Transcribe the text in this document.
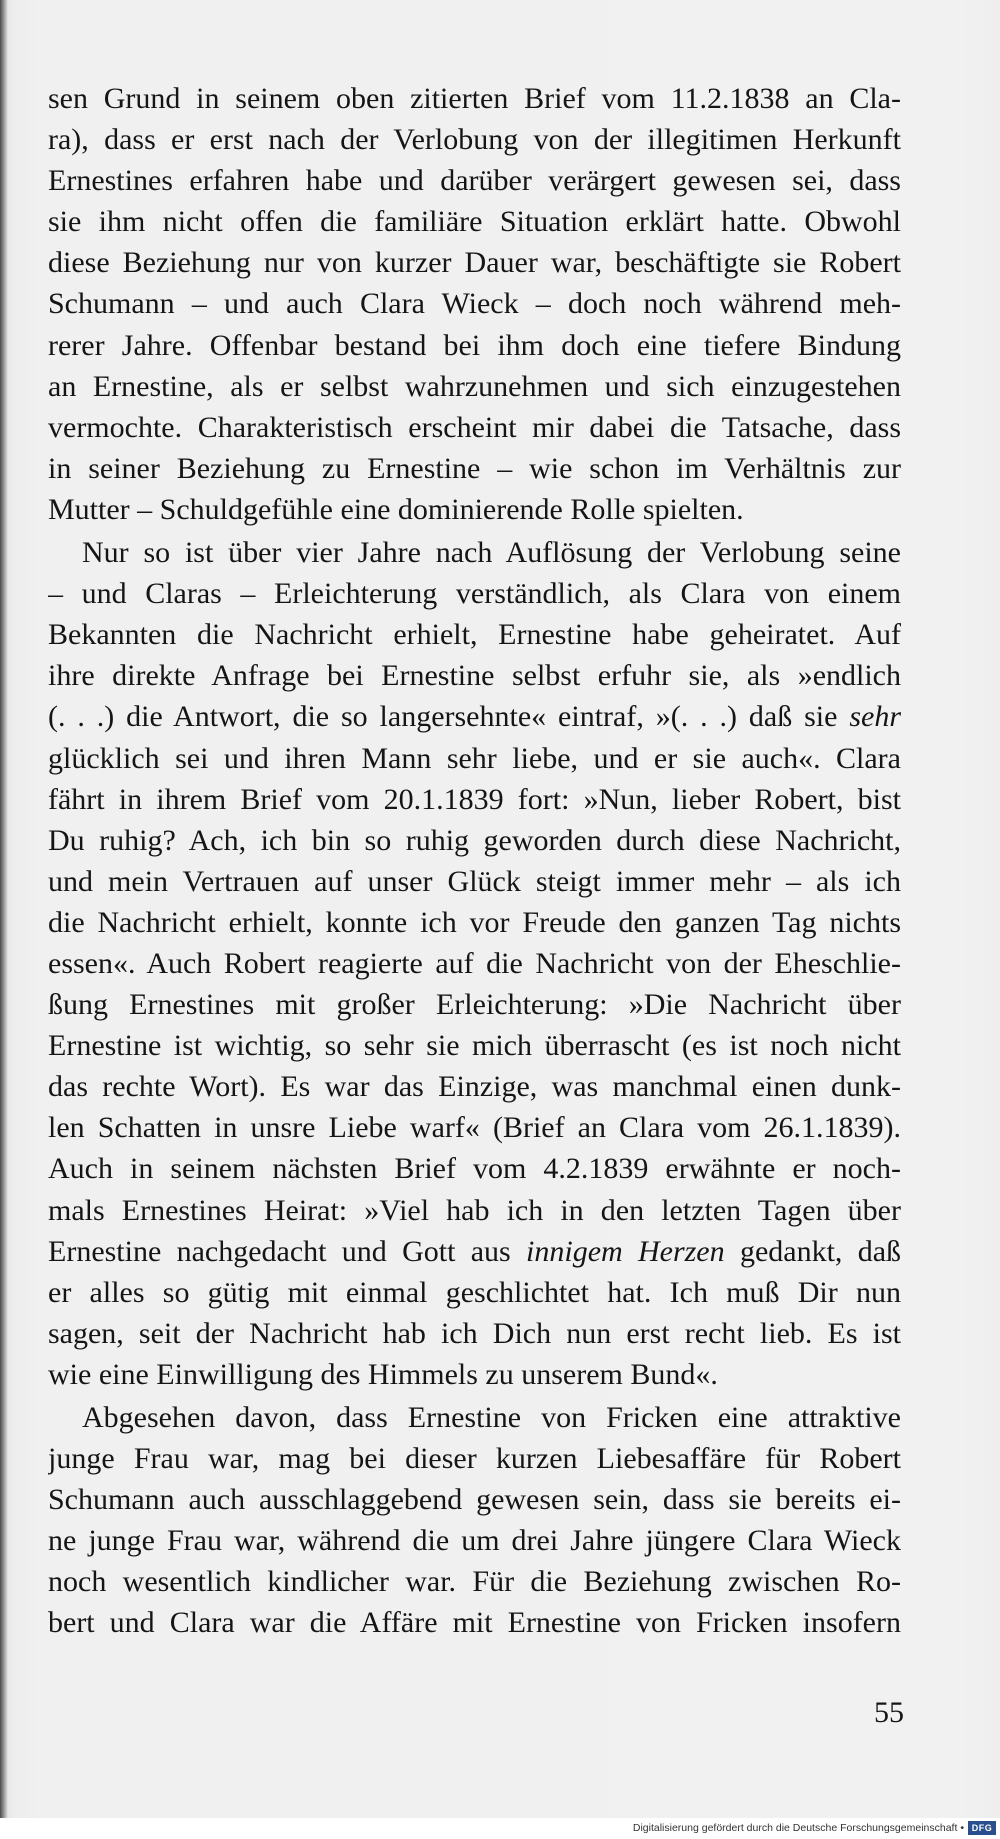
sen Grund in seinem oben zitierten Brief vom 11.2.1838 an Cla-
ra), dass er erst nach der Verlobung von der illegitimen Herkunft
Ernestines erfahren habe und darüber verärgert gewesen sei, dass
sie ihm nicht offen die familiäre Situation erklärt hatte. Obwohl
diese Beziehung nur von kurzer Dauer war, beschäftigte sie Robert
Schumann – und auch Clara Wieck – doch noch während meh-
rerer Jahre. Offenbar bestand bei ihm doch eine tiefere Bindung
an Ernestine, als er selbst wahrzunehmen und sich einzugestehen
vermochte. Charakteristisch erscheint mir dabei die Tatsache, dass
in seiner Beziehung zu Ernestine – wie schon im Verhältnis zur
Mutter – Schuldgefühle eine dominierende Rolle spielten.
Nur so ist über vier Jahre nach Auflösung der Verlobung seine
– und Claras – Erleichterung verständlich, als Clara von einem
Bekannten die Nachricht erhielt, Ernestine habe geheiratet. Auf
ihre direkte Anfrage bei Ernestine selbst erfuhr sie, als »endlich
(. . .) die Antwort, die so langersehnte« eintraf, »(. . .) daß sie sehr
glücklich sei und ihren Mann sehr liebe, und er sie auch«. Clara
fährt in ihrem Brief vom 20.1.1839 fort: »Nun, lieber Robert, bist
Du ruhig? Ach, ich bin so ruhig geworden durch diese Nachricht,
und mein Vertrauen auf unser Glück steigt immer mehr – als ich
die Nachricht erhielt, konnte ich vor Freude den ganzen Tag nichts
essen«. Auch Robert reagierte auf die Nachricht von der Eheschlie-
ßung Ernestines mit großer Erleichterung: »Die Nachricht über
Ernestine ist wichtig, so sehr sie mich überrascht (es ist noch nicht
das rechte Wort). Es war das Einzige, was manchmal einen dunk-
len Schatten in unsre Liebe warf« (Brief an Clara vom 26.1.1839).
Auch in seinem nächsten Brief vom 4.2.1839 erwähnte er noch-
mals Ernestines Heirat: »Viel hab ich in den letzten Tagen über
Ernestine nachgedacht und Gott aus innigem Herzen gedankt, daß
er alles so gütig mit einmal geschlichtet hat. Ich muß Dir nun
sagen, seit der Nachricht hab ich Dich nun erst recht lieb. Es ist
wie eine Einwilligung des Himmels zu unserem Bund«.
Abgesehen davon, dass Ernestine von Fricken eine attraktive
junge Frau war, mag bei dieser kurzen Liebesaffäre für Robert
Schumann auch ausschlaggebend gewesen sein, dass sie bereits ei-
ne junge Frau war, während die um drei Jahre jüngere Clara Wieck
noch wesentlich kindlicher war. Für die Beziehung zwischen Ro-
bert und Clara war die Affäre mit Ernestine von Fricken insofern
55
Digitalisierung gefördert durch die Deutsche Forschungsgemeinschaft • DFG
